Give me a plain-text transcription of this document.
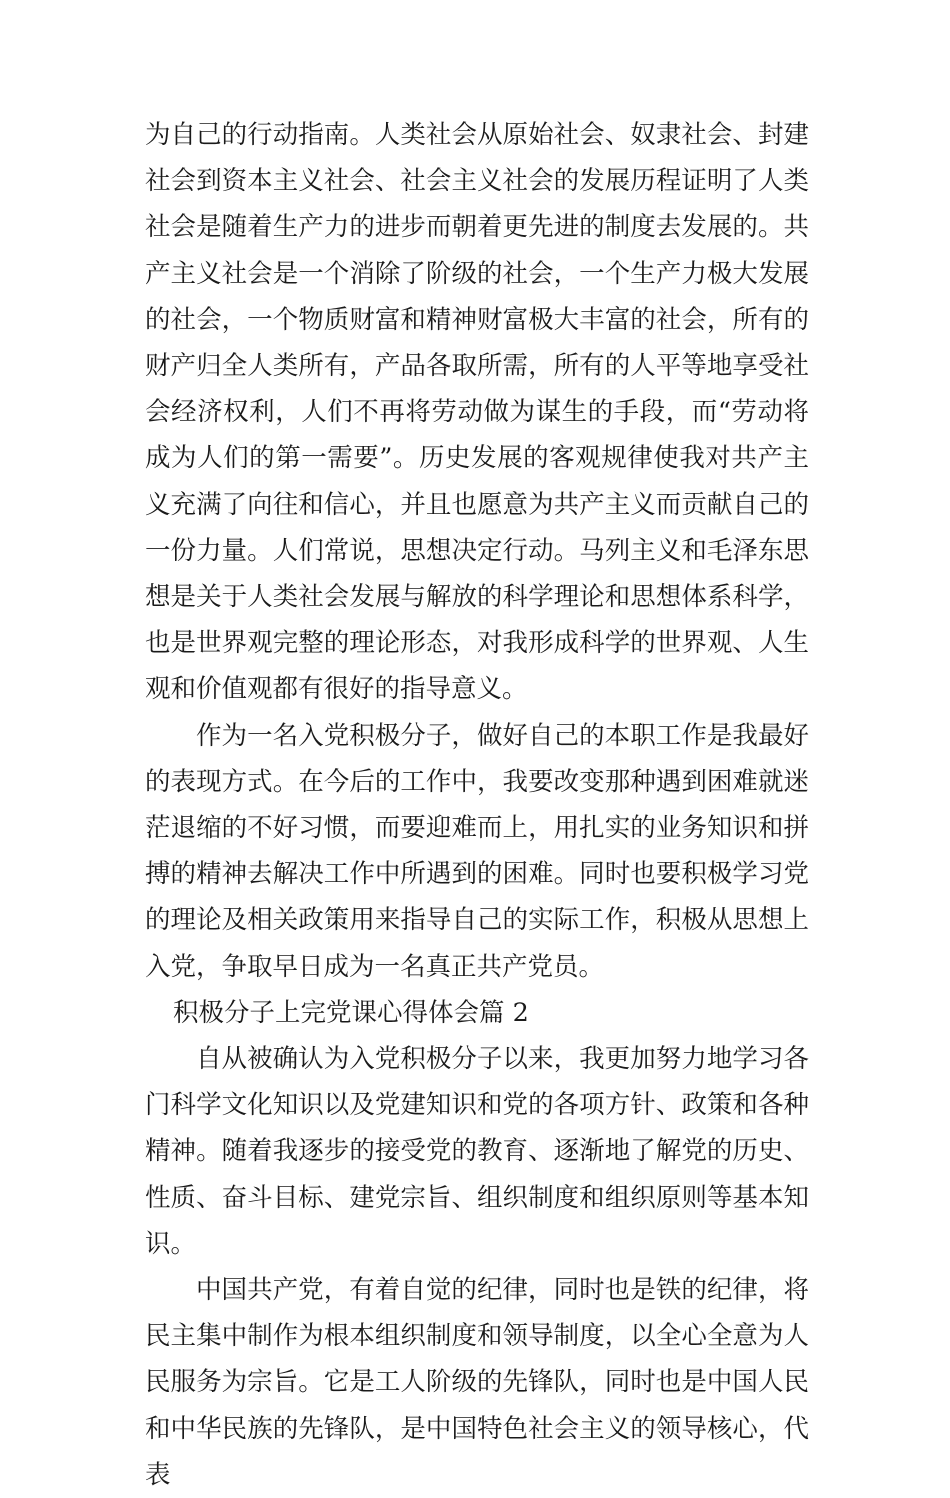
为自己的行动指南。人类社会从原始社会、奴隶社会、封建社会到资本主义社会、社会主义社会的发展历程证明了人类社会是随着生产力的进步而朝着更先进的制度去发展的。共产主义社会是一个消除了阶级的社会，一个生产力极大发展的社会，一个物质财富和精神财富极大丰富的社会，所有的财产归全人类所有，产品各取所需，所有的人平等地享受社会经济权利，人们不再将劳动做为谋生的手段，而“劳动将成为人们的第一需要”。历史发展的客观规律使我对共产主义充满了向往和信心，并且也愿意为共产主义而贡献自己的一份力量。人们常说，思想决定行动。马列主义和毛泽东思想是关于人类社会发展与解放的科学理论和思想体系科学，也是世界观完整的理论形态，对我形成科学的世界观、人生观和价值观都有很好的指导意义。

作为一名入党积极分子，做好自己的本职工作是我最好的表现方式。在今后的工作中，我要改变那种遇到困难就迷茫退缩的不好习惯，而要迎难而上，用扎实的业务知识和拼搏的精神去解决工作中所遇到的困难。同时也要积极学习党的理论及相关政策用来指导自己的实际工作，积极从思想上入党，争取早日成为一名真正共产党员。

积极分子上完党课心得体会篇 2

自从被确认为入党积极分子以来，我更加努力地学习各门科学文化知识以及党建知识和党的各项方针、政策和各种精神。随着我逐步的接受党的教育、逐渐地了解党的历史、性质、奋斗目标、建党宗旨、组织制度和组织原则等基本知识。

中国共产党，有着自觉的纪律，同时也是铁的纪律，将民主集中制作为根本组织制度和领导制度，以全心全意为人民服务为宗旨。它是工人阶级的先锋队，同时也是中国人民和中华民族的先锋队，是中国特色社会主义的领导核心，代表
